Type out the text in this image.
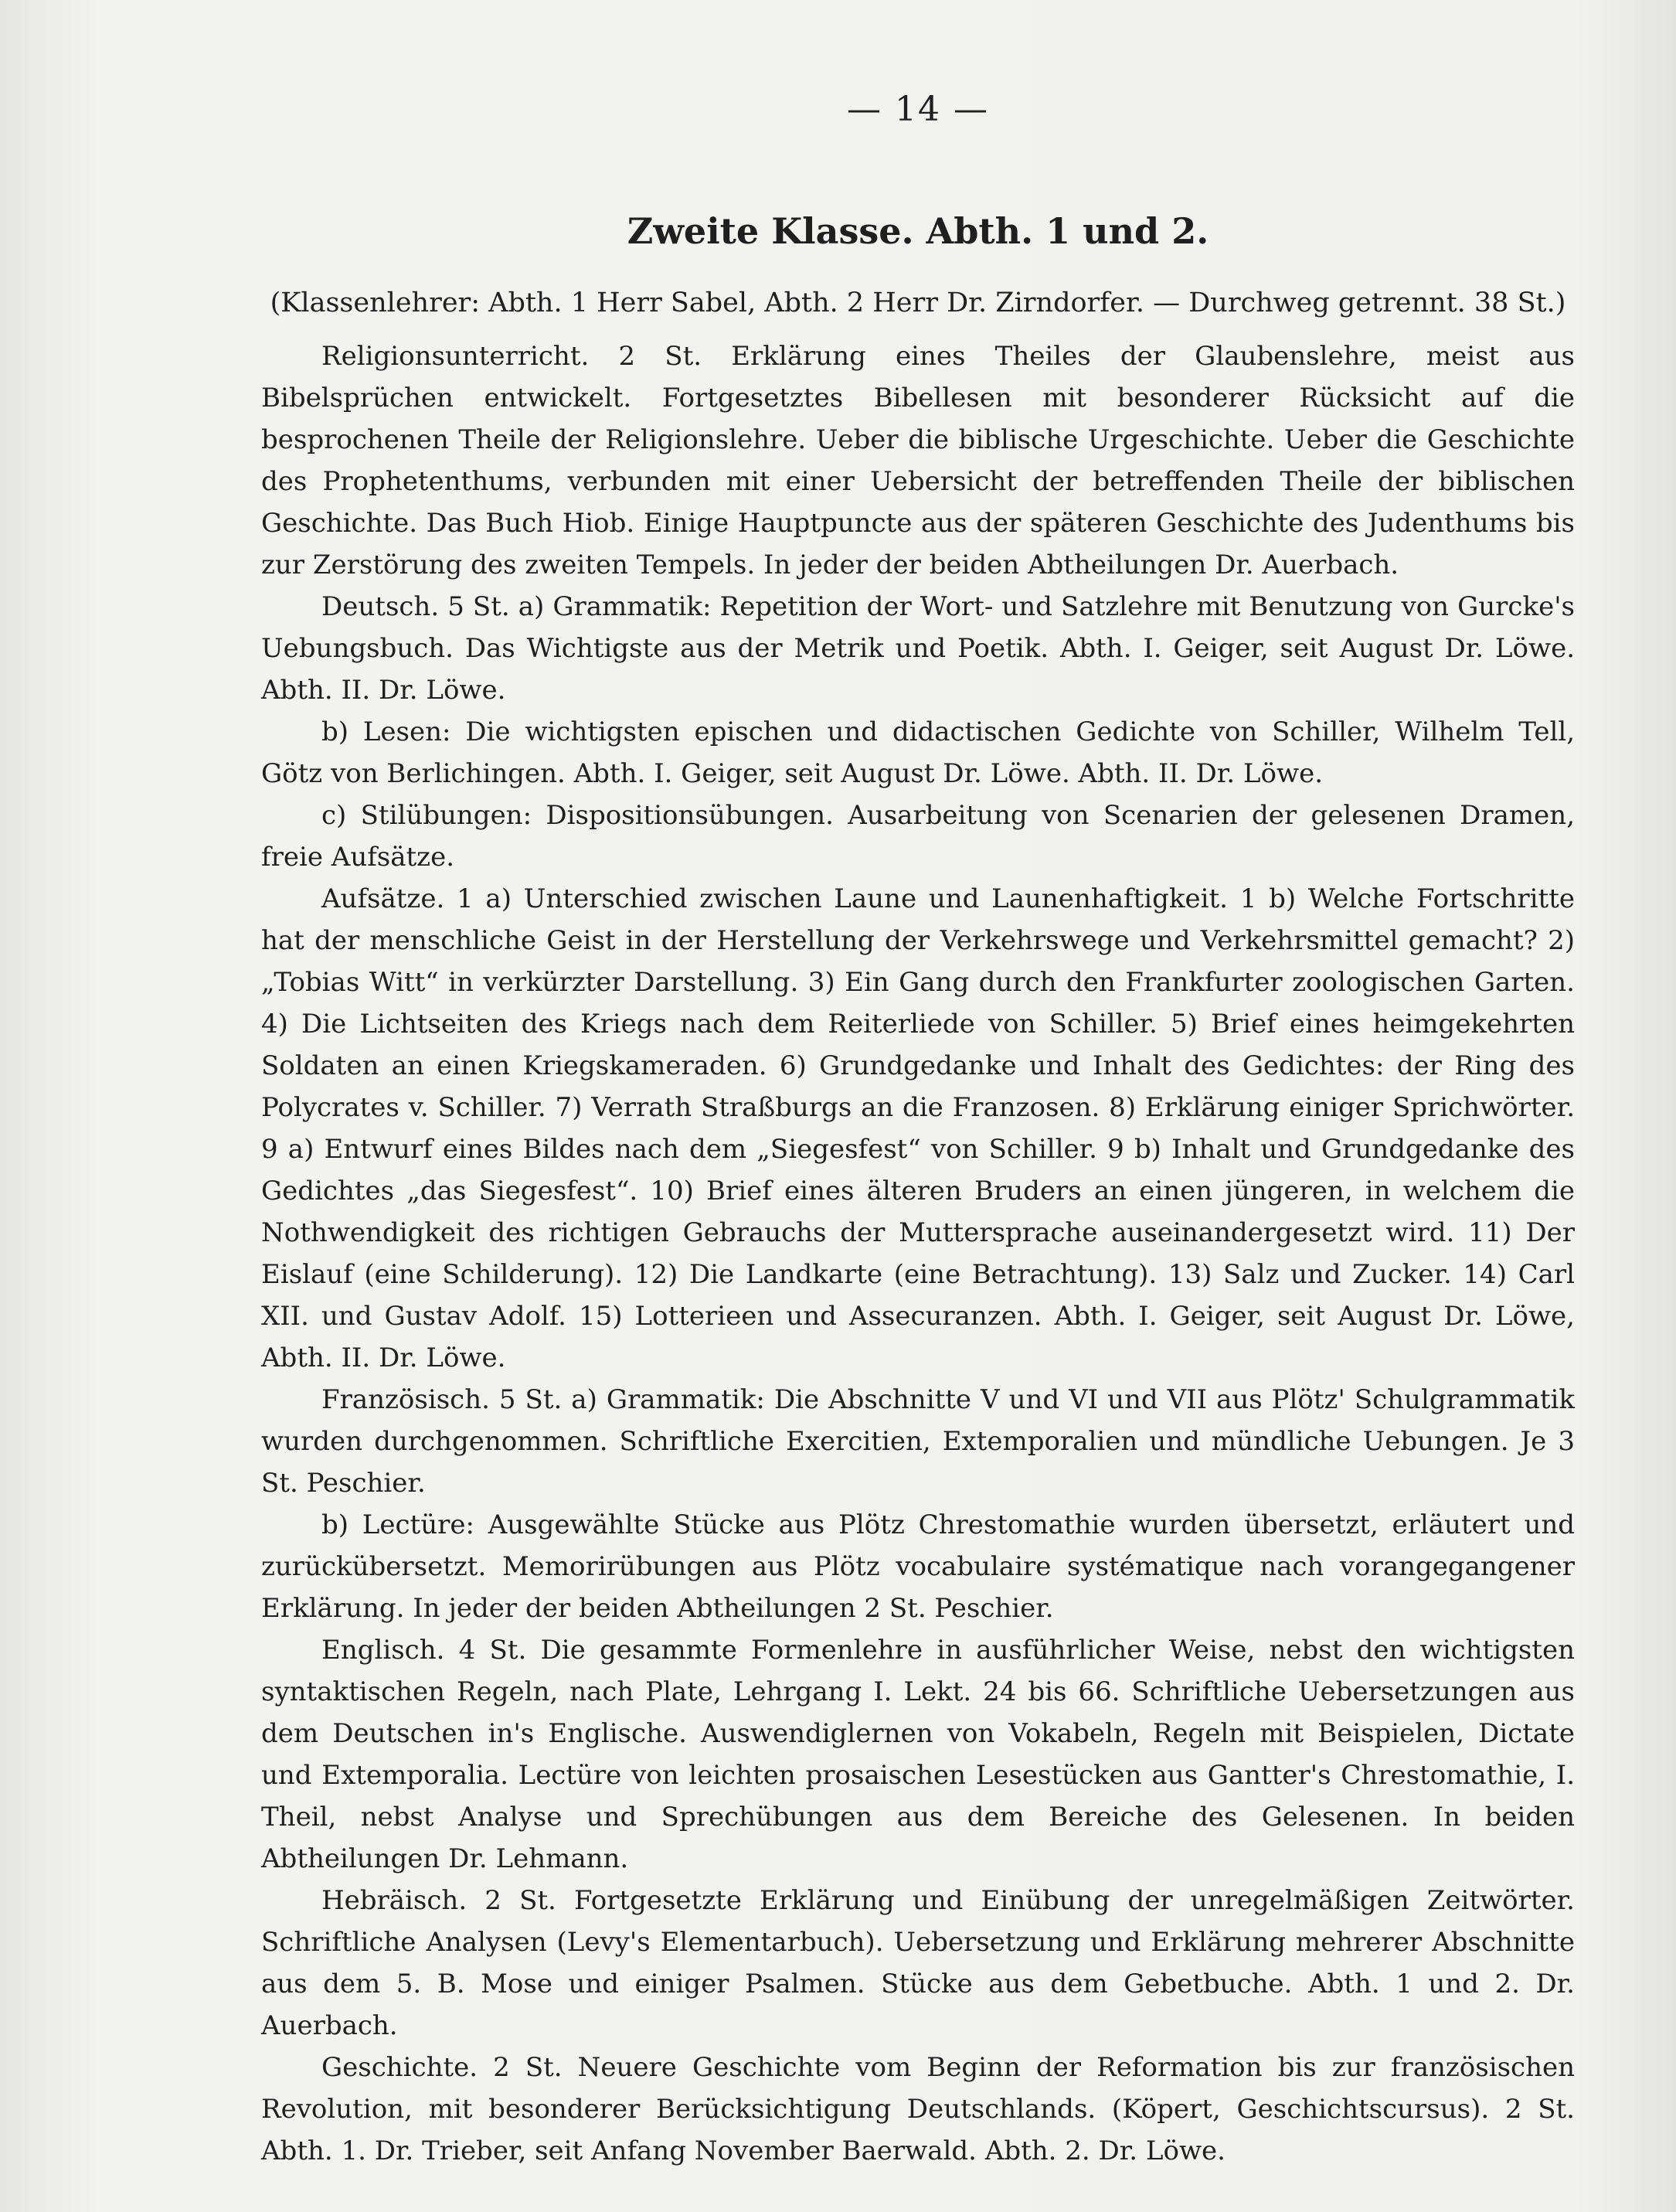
— 14 —
Zweite Klasse. Abth. 1 und 2.
(Klassenlehrer: Abth. 1 Herr Sabel, Abth. 2 Herr Dr. Zirndorfer. — Durchweg getrennt. 38 St.)

Religionsunterricht. 2 St. Erklärung eines Theiles der Glaubenslehre, meist aus Bibelsprüchen entwickelt. Fortgesetztes Bibellesen mit besonderer Rücksicht auf die besprochenen Theile der Religionslehre. Ueber die biblische Urgeschichte. Ueber die Geschichte des Prophetenthums, verbunden mit einer Uebersicht der betreffenden Theile der biblischen Geschichte. Das Buch Hiob. Einige Hauptpuncte aus der späteren Geschichte des Judenthums bis zur Zerstörung des zweiten Tempels. In jeder der beiden Abtheilungen Dr. Auerbach.

Deutsch. 5 St. a) Grammatik: Repetition der Wort- und Satzlehre mit Benutzung von Gurcke's Uebungsbuch. Das Wichtigste aus der Metrik und Poetik. Abth. I. Geiger, seit August Dr. Löwe. Abth. II. Dr. Löwe.

b) Lesen: Die wichtigsten epischen und didactischen Gedichte von Schiller, Wilhelm Tell, Götz von Berlichingen. Abth. I. Geiger, seit August Dr. Löwe. Abth. II. Dr. Löwe.

c) Stilübungen: Dispositionsübungen. Ausarbeitung von Scenarien der gelesenen Dramen, freie Aufsätze.

Aufsätze. 1 a) Unterschied zwischen Laune und Launenhaftigkeit. 1 b) Welche Fortschritte hat der menschliche Geist in der Herstellung der Verkehrswege und Verkehrsmittel gemacht? 2) „Tobias Witt“ in verkürzter Darstellung. 3) Ein Gang durch den Frankfurter zoologischen Garten. 4) Die Lichtseiten des Kriegs nach dem Reiterliede von Schiller. 5) Brief eines heimgekehrten Soldaten an einen Kriegskameraden. 6) Grundgedanke und Inhalt des Gedichtes: der Ring des Polycrates v. Schiller. 7) Verrath Straßburgs an die Franzosen. 8) Erklärung einiger Sprichwörter. 9 a) Entwurf eines Bildes nach dem „Siegesfest“ von Schiller. 9 b) Inhalt und Grundgedanke des Gedichtes „das Siegesfest“. 10) Brief eines älteren Bruders an einen jüngeren, in welchem die Nothwendigkeit des richtigen Gebrauchs der Muttersprache auseinandergesetzt wird. 11) Der Eislauf (eine Schilderung). 12) Die Landkarte (eine Betrachtung). 13) Salz und Zucker. 14) Carl XII. und Gustav Adolf. 15) Lotterieen und Assecuranzen. Abth. I. Geiger, seit August Dr. Löwe, Abth. II. Dr. Löwe.

Französisch. 5 St. a) Grammatik: Die Abschnitte V und VI und VII aus Plötz' Schulgrammatik wurden durchgenommen. Schriftliche Exercitien, Extemporalien und mündliche Uebungen. Je 3 St. Peschier.

b) Lectüre: Ausgewählte Stücke aus Plötz Chrestomathie wurden übersetzt, erläutert und zurückübersetzt. Memorirübungen aus Plötz vocabulaire systématique nach vorangegangener Erklärung. In jeder der beiden Abtheilungen 2 St. Peschier.

Englisch. 4 St. Die gesammte Formenlehre in ausführlicher Weise, nebst den wichtigsten syntaktischen Regeln, nach Plate, Lehrgang I. Lekt. 24 bis 66. Schriftliche Uebersetzungen aus dem Deutschen in's Englische. Auswendiglernen von Vokabeln, Regeln mit Beispielen, Dictate und Extemporalia. Lectüre von leichten prosaischen Lesestücken aus Gantter's Chrestomathie, I. Theil, nebst Analyse und Sprechübungen aus dem Bereiche des Gelesenen. In beiden Abtheilungen Dr. Lehmann.

Hebräisch. 2 St. Fortgesetzte Erklärung und Einübung der unregelmäßigen Zeitwörter. Schriftliche Analysen (Levy's Elementarbuch). Uebersetzung und Erklärung mehrerer Abschnitte aus dem 5. B. Mose und einiger Psalmen. Stücke aus dem Gebetbuche. Abth. 1 und 2. Dr. Auerbach.

Geschichte. 2 St. Neuere Geschichte vom Beginn der Reformation bis zur französischen Revolution, mit besonderer Berücksichtigung Deutschlands. (Köpert, Geschichtscursus). 2 St. Abth. 1. Dr. Trieber, seit Anfang November Baerwald. Abth. 2. Dr. Löwe.
